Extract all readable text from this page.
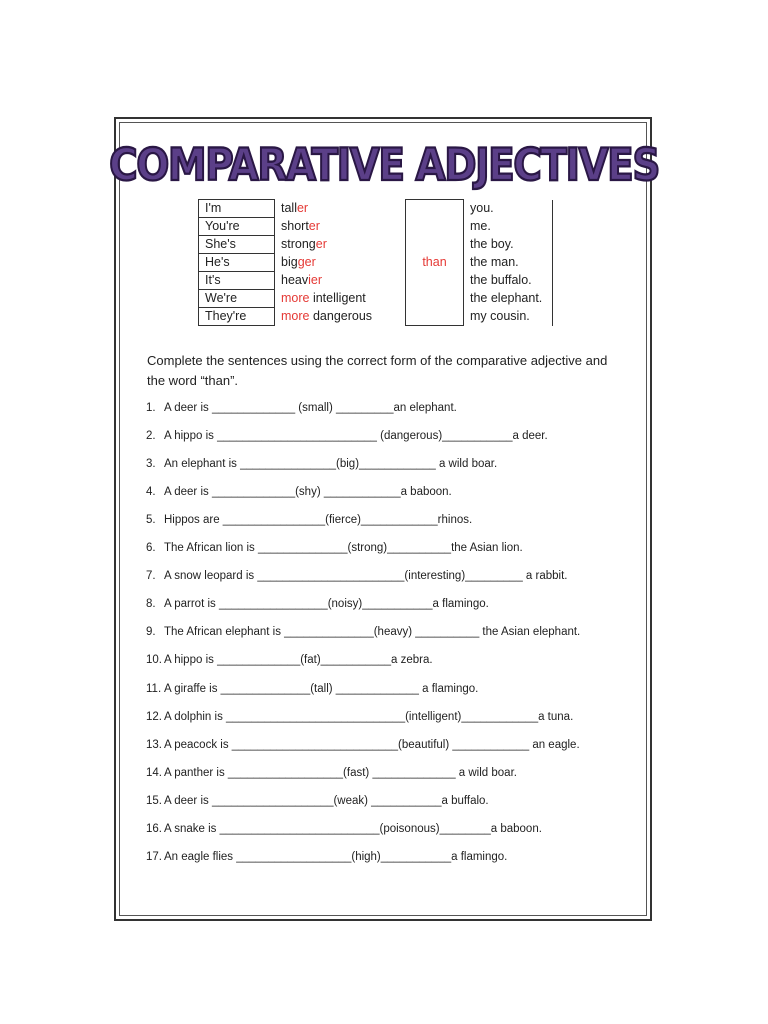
COMPARATIVE ADJECTIVES
I'm	taller	than	you.
You're	shorter		me.
She's	stronger		the boy.
He's	bigger		the man.
It's	heavier		the buffalo.
We're	more intelligent		the elephant.
They're	more dangerous		my cousin.
Complete the sentences using the correct form of the comparative adjective and the word “than”.
1. A deer is _____________ (small) _________an elephant.
2. A hippo is _________________________ (dangerous)___________a deer.
3. An elephant is _______________(big)____________ a wild boar.
4. A deer is _____________(shy) ____________a baboon.
5. Hippos are ________________(fierce)____________rhinos.
6. The African lion is ______________(strong)__________the Asian lion.
7. A snow leopard is _______________________(interesting)_________ a rabbit.
8. A parrot is _________________(noisy)___________a flamingo.
9. The African elephant is ______________(heavy) __________ the Asian elephant.
10. A hippo is _____________(fat)___________a zebra.
11. A giraffe is ______________(tall) _____________ a flamingo.
12. A dolphin is ____________________________(intelligent)____________a tuna.
13. A peacock is __________________________(beautiful) ____________ an eagle.
14. A panther is __________________(fast) _____________ a wild boar.
15. A deer is ___________________(weak) ___________a buffalo.
16. A snake is _________________________(poisonous)________a baboon.
17. An eagle flies __________________(high)___________a flamingo.
